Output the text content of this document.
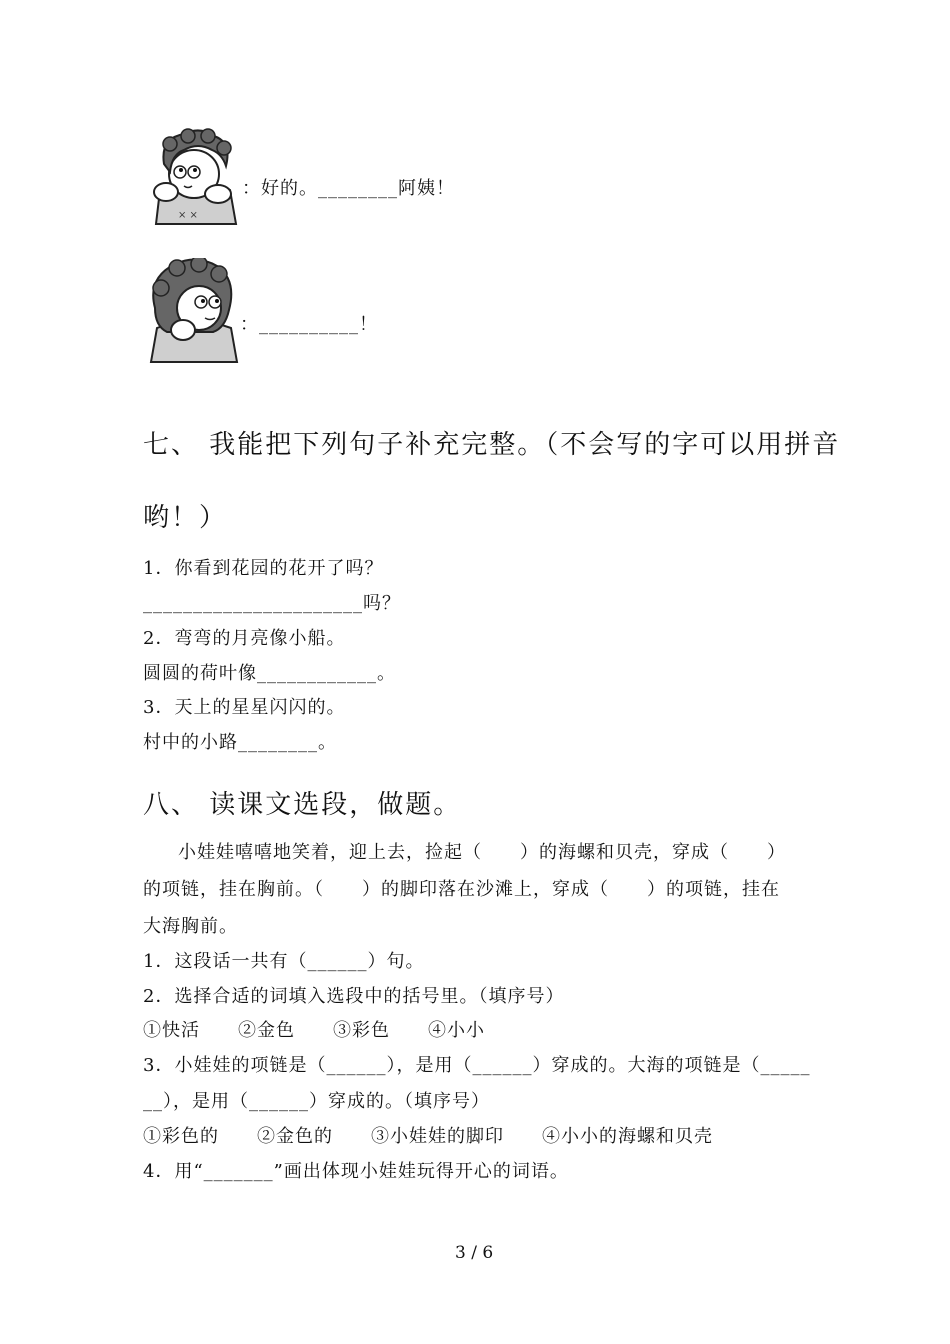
× ×
：好的。________阿姨！
：__________！
七、 我能把下列句子补充完整。（不会写的字可以用拼音
哟！）
1．你看到花园的花开了吗？
______________________吗？
2．弯弯的月亮像小船。
圆圆的荷叶像____________。
3．天上的星星闪闪的。
村中的小路________。
八、 读课文选段，做题。
小娃娃嘻嘻地笑着，迎上去，捡起（　　）的海螺和贝壳，穿成（　　）
的项链，挂在胸前。（　　）的脚印落在沙滩上，穿成（　　）的项链，挂在
大海胸前。
1．这段话一共有（______）句。
2．选择合适的词填入选段中的括号里。（填序号）
①快活　　②金色　　③彩色　　④小小
3．小娃娃的项链是（______），是用（______）穿成的。大海的项链是（_____
__），是用（______）穿成的。（填序号）
①彩色的　　②金色的　　③小娃娃的脚印　　④小小的海螺和贝壳
4．用“_______”画出体现小娃娃玩得开心的词语。
3 / 6
